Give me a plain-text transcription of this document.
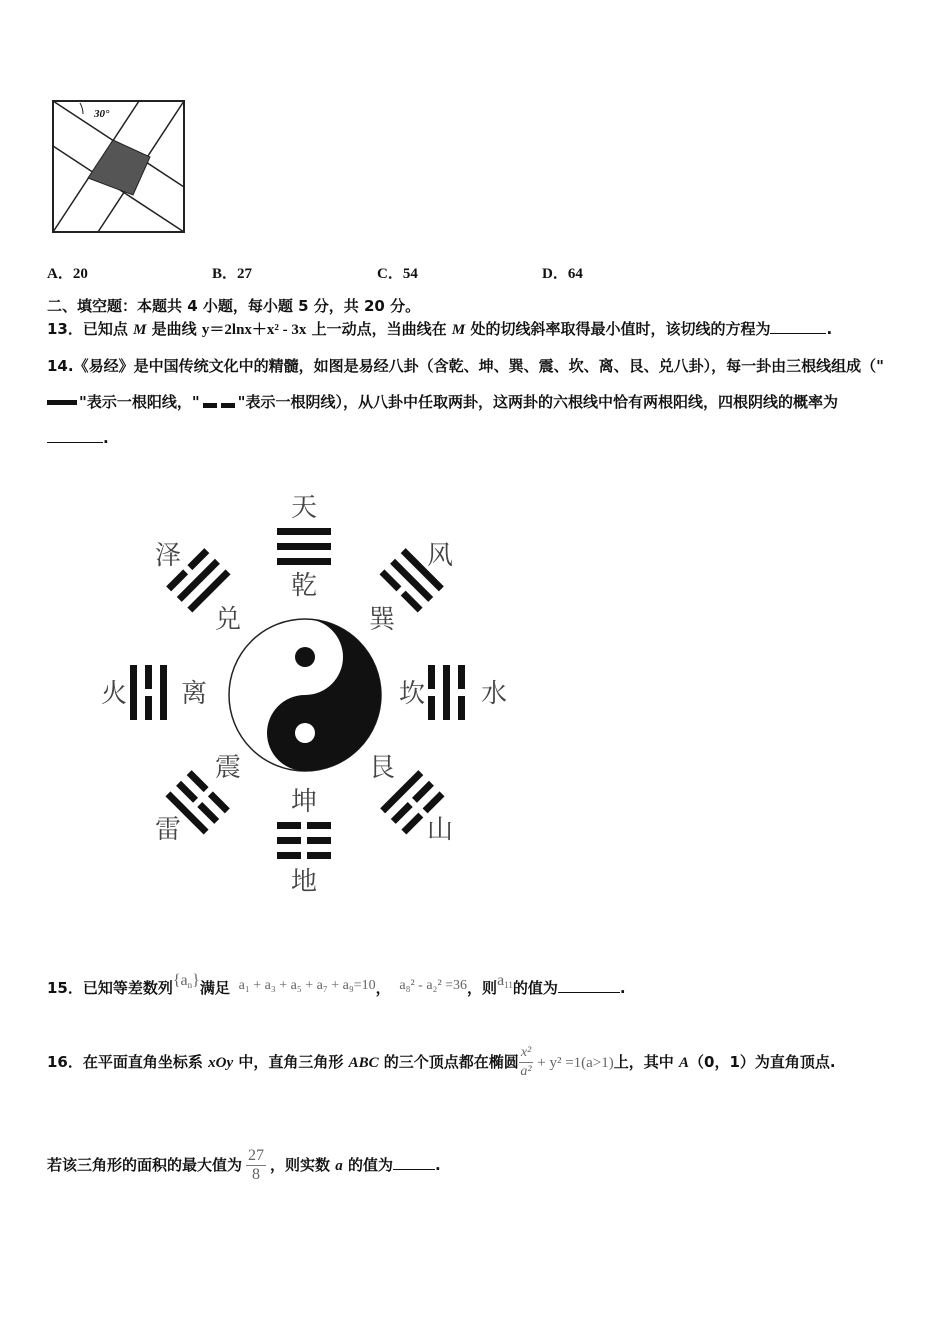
30°
A．20	B．27	C．54	D．64
二、填空题：本题共 4 小题，每小题 5 分，共 20 分。
13．已知点 M 是曲线 y＝2lnx＋x² - 3x 上一动点，当曲线在 M 处的切线斜率取得最小值时，该切线的方程为	.
14.《易经》是中国传统文化中的精髓，如图是易经八卦（含乾、坤、巽、震、坎、离、艮、兑八卦），每一卦由三根线组成（"
"表示一根阳线，"	"表示一根阴线），从八卦中任取两卦，这两卦的六根线中恰有两根阳线，四根阴线的概率为
.
天
乾
泽
兑
风
巽
火 离	坎 水
震
雷
艮
山
坤
地
15．已知等差数列$\{a_n\}$满足 a₁ + a₃ + a₅ + a₇ + a₉=10， a₈² - a₂² =36，则$a_{11}$的值为	.
16．在平面直角坐标系 xOy 中，直角三角形 ABC 的三个顶点都在椭圆 $\frac{\text{x²}}{\text{a²}} + y^2 =1(a>1)$上，其中 A（0，1）为直角顶点.
若该三角形的面积的最大值为 $\frac{27}{8}$ ，则实数 a 的值为	.
